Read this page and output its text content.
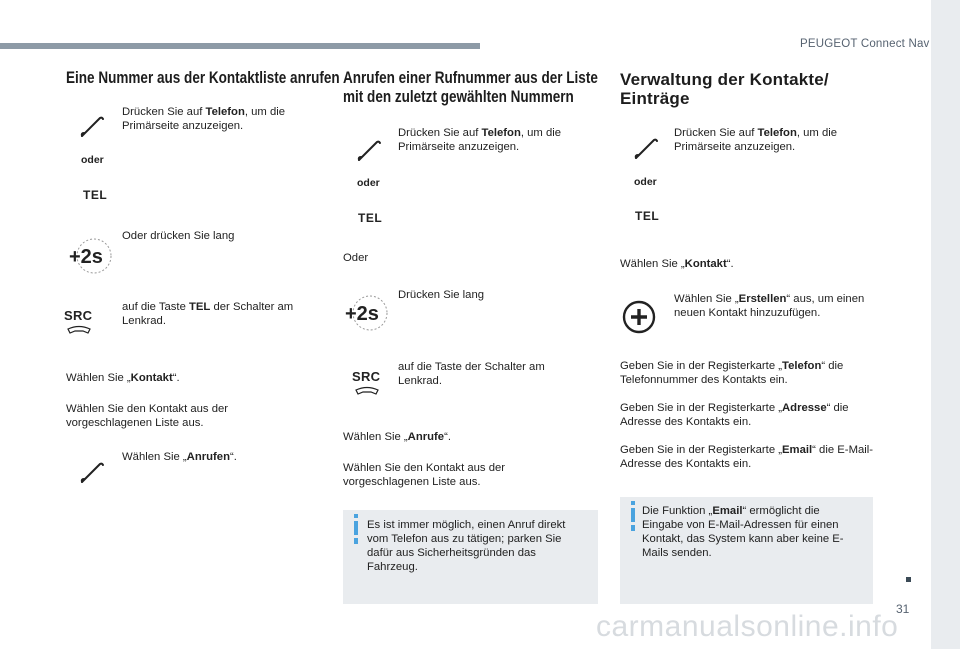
PEUGEOT Connect Nav
31
Eine Nummer aus der Kontaktliste anrufen
Drücken Sie auf Telefon, um die Primärseite anzuzeigen.
oder
TEL
+2s
Oder drücken Sie lang
SRC
auf die Taste TEL der Schalter am Lenkrad.
Wählen Sie „Kontakt“.
Wählen Sie den Kontakt aus der vorgeschlagenen Liste aus.
Wählen Sie „Anrufen“.
Anrufen einer Rufnummer aus der Liste
mit den zuletzt gewählten Nummern
Drücken Sie auf Telefon, um die Primärseite anzuzeigen.
oder
TEL
Oder
+2s
Drücken Sie lang
SRC
auf die Taste der Schalter am Lenkrad.
Wählen Sie „Anrufe“.
Wählen Sie den Kontakt aus der vorgeschlagenen Liste aus.
Es ist immer möglich, einen Anruf direkt vom Telefon aus zu tätigen; parken Sie dafür aus Sicherheitsgründen das Fahrzeug.
Verwaltung der Kontakte/
Einträge
Drücken Sie auf Telefon, um die Primärseite anzuzeigen.
oder
TEL
Wählen Sie „Kontakt“.
Wählen Sie „Erstellen“ aus, um einen neuen Kontakt hinzuzufügen.
Geben Sie in der Registerkarte „Telefon“ die Telefonnummer des Kontakts ein.
Geben Sie in der Registerkarte „Adresse“ die Adresse des Kontakts ein.
Geben Sie in der Registerkarte „Email“ die E-Mail-Adresse des Kontakts ein.
Die Funktion „Email“ ermöglicht die Eingabe von E-Mail-Adressen für einen Kontakt, das System kann aber keine E-Mails senden.
carmanualsonline.info
